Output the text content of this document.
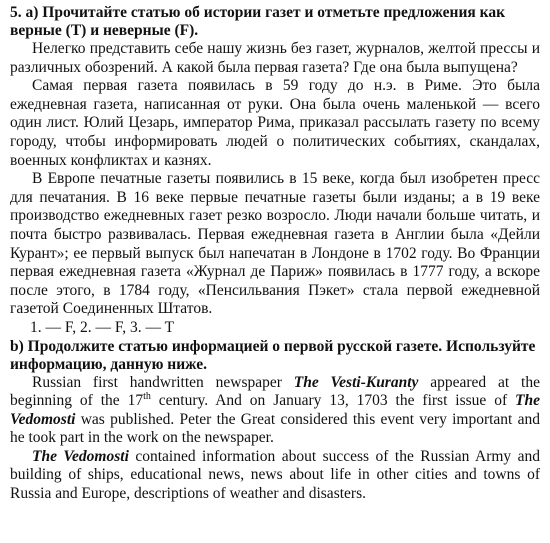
5. а) Прочитайте статью об истории газет и отметьте предложения как верные (T) и неверные (F).

Нелегко представить себе нашу жизнь без газет, журналов, желтой прессы и различных обозрений. А какой была первая газета? Где она была выпущена?

Самая первая газета появилась в 59 году до н.э. в Риме. Это была ежедневная газета, написанная от руки. Она была очень маленькой — всего один лист. Юлий Цезарь, император Рима, приказал рассылать газету по всему городу, чтобы информировать людей о политических событиях, скандалах, военных конфликтах и казнях.

В Европе печатные газеты появились в 15 веке, когда был изобретен пресс для печатания. В 16 веке первые печатные газеты были изданы; а в 19 веке производство ежедневных газет резко возросло. Люди начали больше читать, и почта быстро развивалась. Первая ежедневная газета в Англии была «Дейли Курант»; ее первый выпуск был напечатан в Лондоне в 1702 году. Во Франции первая ежедневная газета «Журнал де Париж» появилась в 1777 году, а вскоре после этого, в 1784 году, «Пенсильвания Пэкет» стала первой ежедневной газетой Соединенных Штатов.

1. — F, 2. — F, 3. — T

b) Продолжите статью информацией о первой русской газете. Используйте информацию, данную ниже.

Russian first handwritten newspaper The Vesti-Kuranty appeared at the beginning of the 17th century. And on January 13, 1703 the first issue of The Vedomosti was published. Peter the Great considered this event very important and he took part in the work on the newspaper.

The Vedomosti contained information about success of the Russian Army and building of ships, educational news, news about life in other cities and towns of Russia and Europe, descriptions of weather and disasters.
